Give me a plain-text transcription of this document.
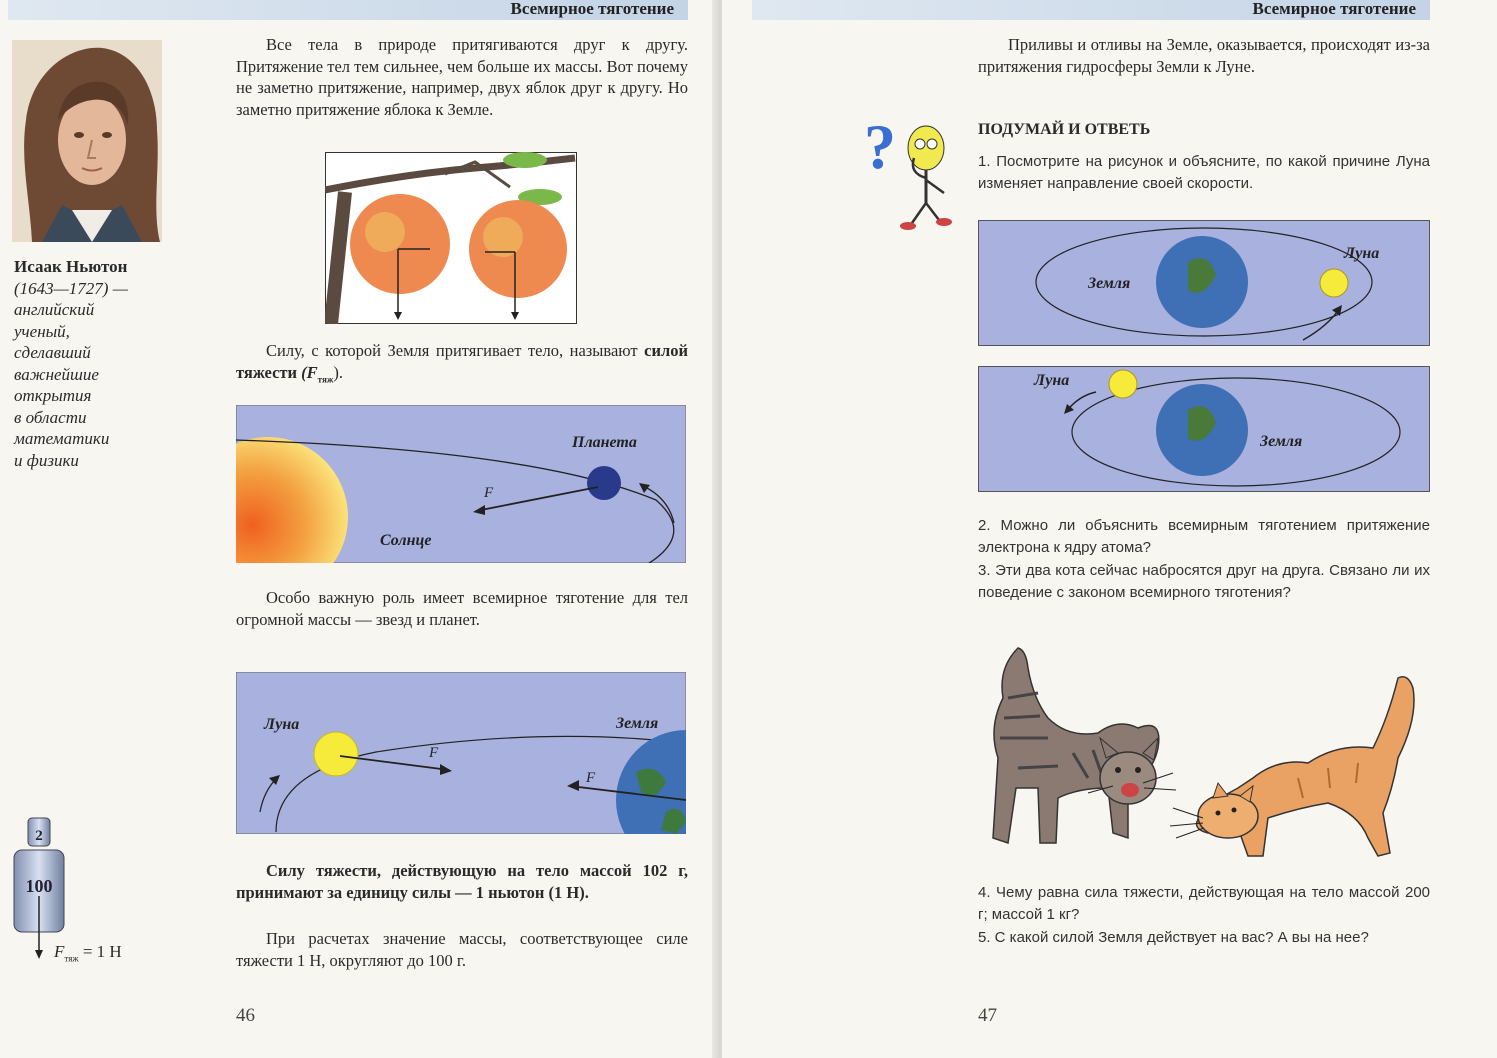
Всемирное тяготение
Исаак Ньютон
(1643—1727) —
английский
ученый,
сделавший
важнейшие
открытия
в области
математики
и физики

Все тела в природе притягиваются друг к другу. Притяжение тел тем сильнее, чем больше их массы. Вот почему не заметно притяжение, например, двух яблок друг к другу. Но заметно притяжение яблока к Земле.

Силу, с которой Земля притягивает тело, называют силой тяжести $(F_{тяж})$.

Планета
Солнце
F

Особо важную роль имеет всемирное тяготение для тел огромной массы — звезд и планет.

Луна	Земля
F
F

Силу тяжести, действующую на тело массой 102 г, принимают за единицу силы — 1 ньютон (1 Н).

При расчетах значение массы, соответствующее силе тяжести 1 Н, округляют до 100 г.

2
100
$F_{тяж} = 1$ Н
46
Всемирное тяготение

Приливы и отливы на Земле, оказывается, происходят из-за притяжения гидросферы Земли к Луне.

?	ПОДУМАЙ И ОТВЕТЬ

1. Посмотрите на рисунок и объясните, по какой причине Луна изменяет направление своей скорости.

Земля
Луна
Луна
Земля

2. Можно ли объяснить всемирным тяготением притяжение электрона к ядру атома?

3. Эти два кота сейчас набросятся друг на друга. Связано ли их поведение с законом всемирного тяготения?

4. Чему равна сила тяжести, действующая на тело массой 200 г; массой 1 кг?

5. С какой силой Земля действует на вас? А вы на нее?

47
